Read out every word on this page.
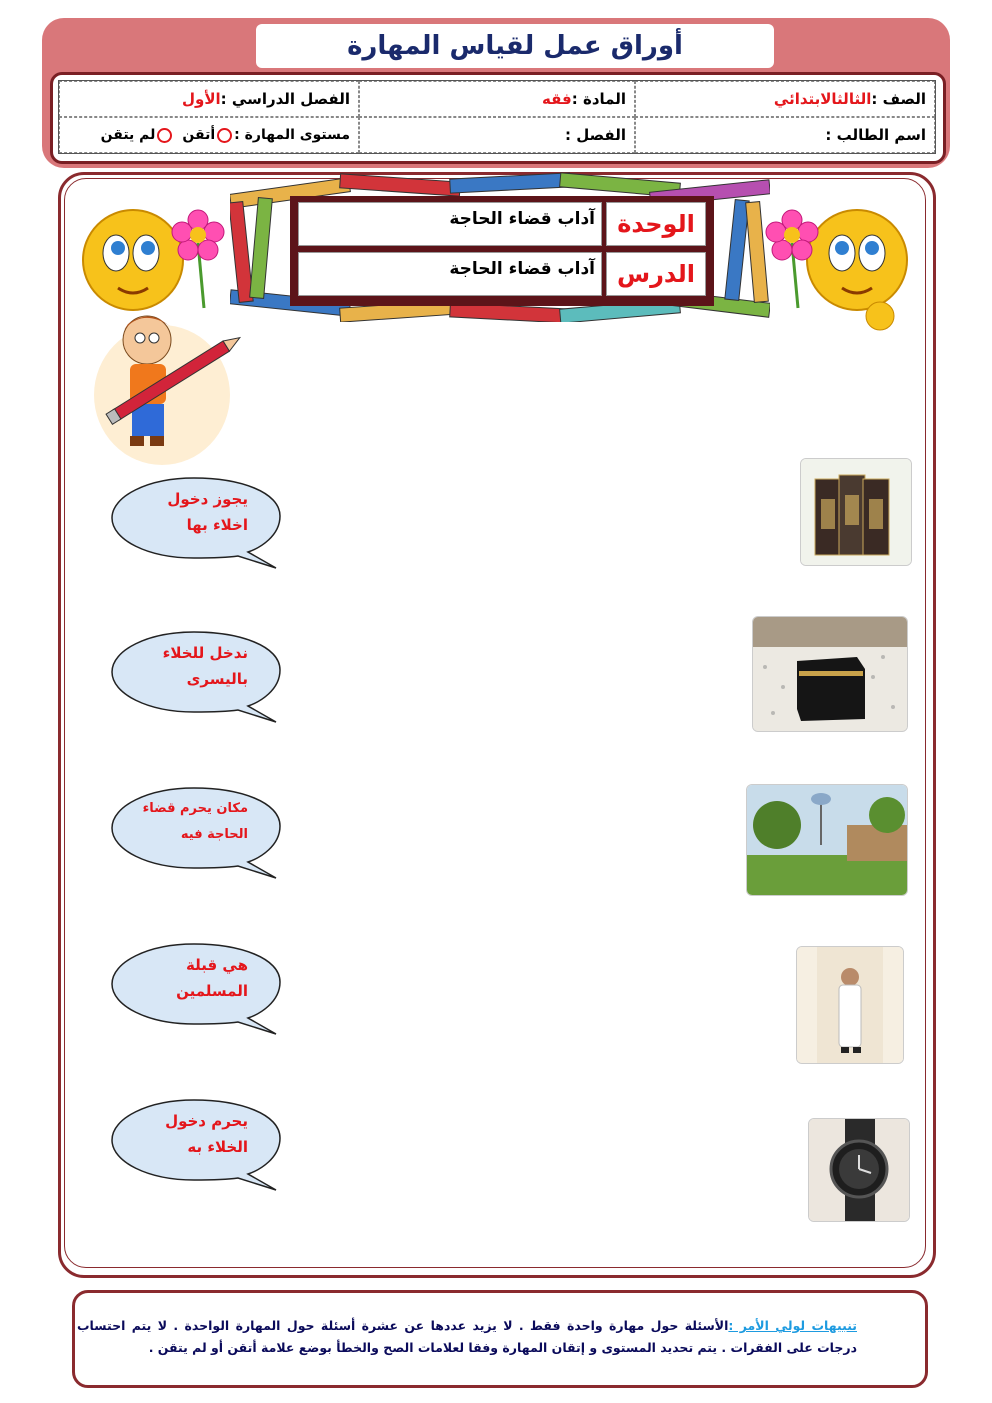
أوراق عمل لقياس المهارة
الصف :
الثالثالابتدائي
المادة :
فقه
الفصل الدراسي :
الأول
اسم الطالب :
الفصل :
مستوى المهارة :
أتقن
لم يتقن
الوحدة
آداب قضاء الحاجة
الدرس
آداب قضاء الحاجة
يجوز دخول
اخلاء بها
ندخل للخلاء
باليسرى
مكان يحرم قضاء
الحاجة فيه
هي قبلة
المسلمين
يحرم دخول
الخلاء به
تنبيهات لولي الأمر :الأسئلة حول مهارة واحدة فقط . لا يزيد عددها عن عشرة أسئلة حول المهارة الواحدة . لا يتم احتساب درجات على الفقرات . يتم تحديد المستوى و إتقان المهارة وفقا لعلامات الصح والخطأ بوضع علامة أتقن أو لم يتقن .
